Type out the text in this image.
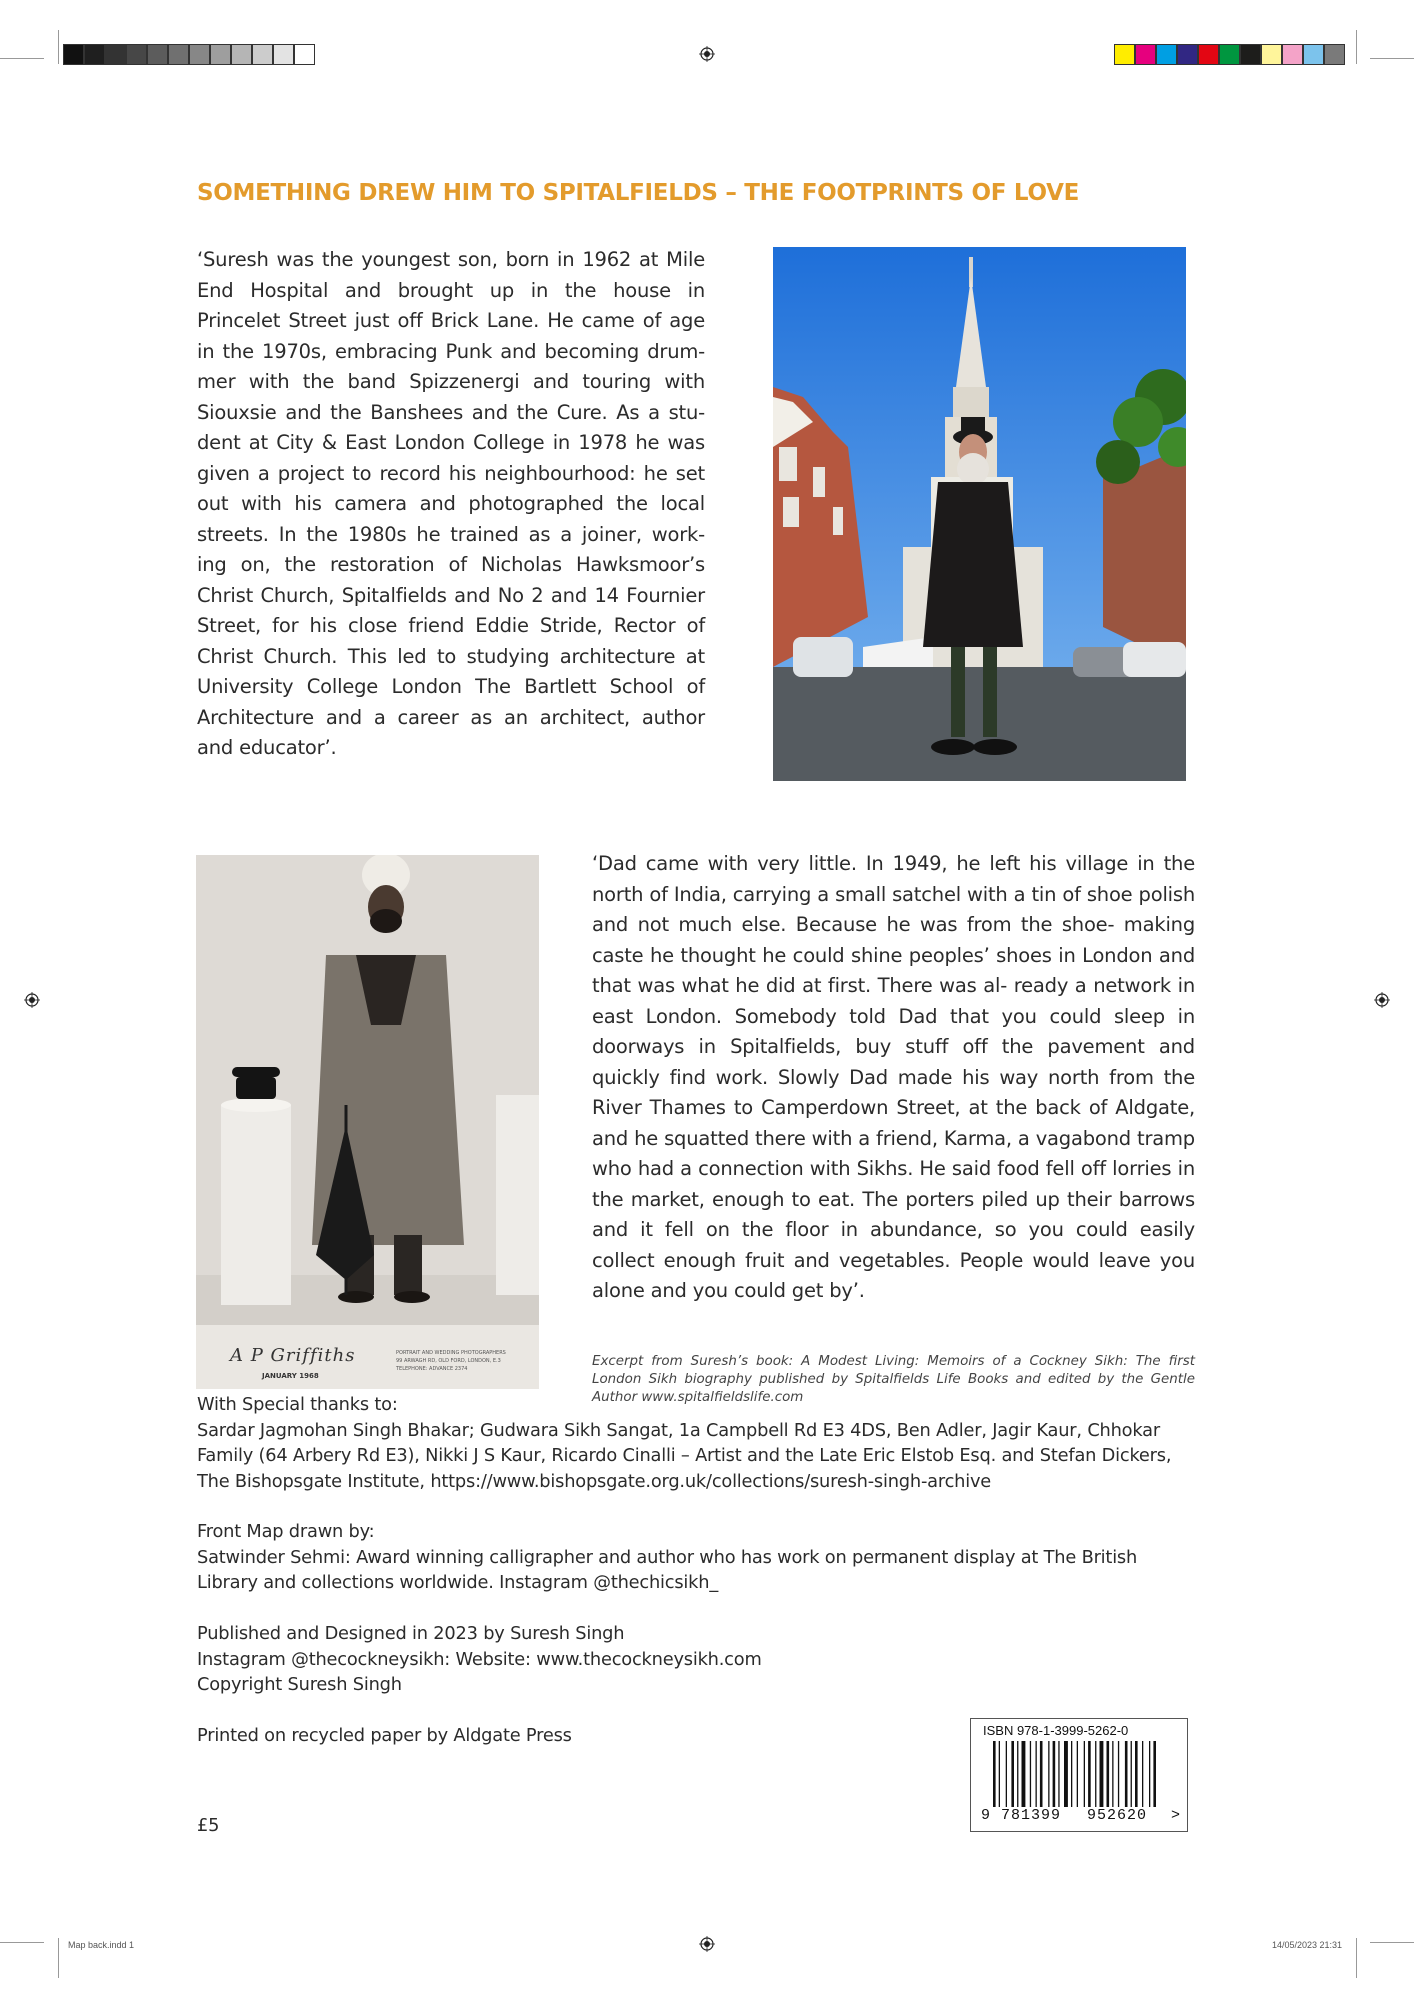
SOMETHING DREW HIM TO SPITALFIELDS – THE FOOTPRINTS OF LOVE
‘Suresh was the youngest son, born in 1962 at Mile End Hospital and brought up in the house in Princelet Street just off Brick Lane. He came of age in the 1970s, embracing Punk and becoming drum- mer with the band Spizzenergi and touring with Siouxsie and the Banshees and the Cure. As a stu- dent at City & East London College in 1978 he was given a project to record his neighbourhood: he set out with his camera and photographed the local streets. In the 1980s he trained as a joiner, work- ing on, the restoration of Nicholas Hawksmoor’s Christ Church, Spitalfields and No 2 and 14 Fournier Street, for his close friend Eddie Stride, Rector of Christ Church. This led to studying architecture at University College London The Bartlett School of Architecture and a career as an architect, author and educator’.
A P Griffiths
JANUARY 1968
PORTRAIT AND WEDDING PHOTOGRAPHERS
99 ARWAGH RD, OLD FORD, LONDON, E.3
TELEPHONE: ADVANCE 2374
‘Dad came with very little. In 1949, he left his village in the north of India, carrying a small satchel with a tin of shoe polish and not much else. Because he was from the shoe- making caste he thought he could shine peoples’ shoes in London and that was what he did at first. There was al- ready a network in east London. Somebody told Dad that you could sleep in doorways in Spitalfields, buy stuff off the pavement and quickly find work. Slowly Dad made his way north from the River Thames to Camperdown Street, at the back of Aldgate, and he squatted there with a friend, Karma, a vagabond tramp who had a connection with Sikhs. He said food fell off lorries in the market, enough to eat. The porters piled up their barrows and it fell on the floor in abundance, so you could easily collect enough fruit and vegetables. People would leave you alone and you could get by’.
Excerpt from Suresh’s book: A Modest Living: Memoirs of a Cockney Sikh: The first London Sikh biography published by Spitalfields Life Books and edited by the Gentle Author www.spitalfieldslife.com
With Special thanks to:
Sardar Jagmohan Singh Bhakar; Gudwara Sikh Sangat, 1a Campbell Rd E3 4DS, Ben Adler, Jagir Kaur, Chhokar Family (64 Arbery Rd E3), Nikki J S Kaur, Ricardo Cinalli – Artist and the Late Eric Elstob Esq. and Stefan Dickers, The Bishopsgate Institute, https://www.bishopsgate.org.uk/collections/suresh-singh-archive
Front Map drawn by:
Satwinder Sehmi: Award winning calligrapher and author who has work on permanent display at The British Library and collections worldwide. Instagram @thechicsikh_
Published and Designed in 2023 by Suresh Singh
Instagram @thecockneysikh: Website: www.thecockneysikh.com
Copyright Suresh Singh
Printed on recycled paper by Aldgate Press
£5
ISBN 978-1-3999-5262-0
9 781399 952620 >
Map back.indd 1	14/05/2023 21:31
